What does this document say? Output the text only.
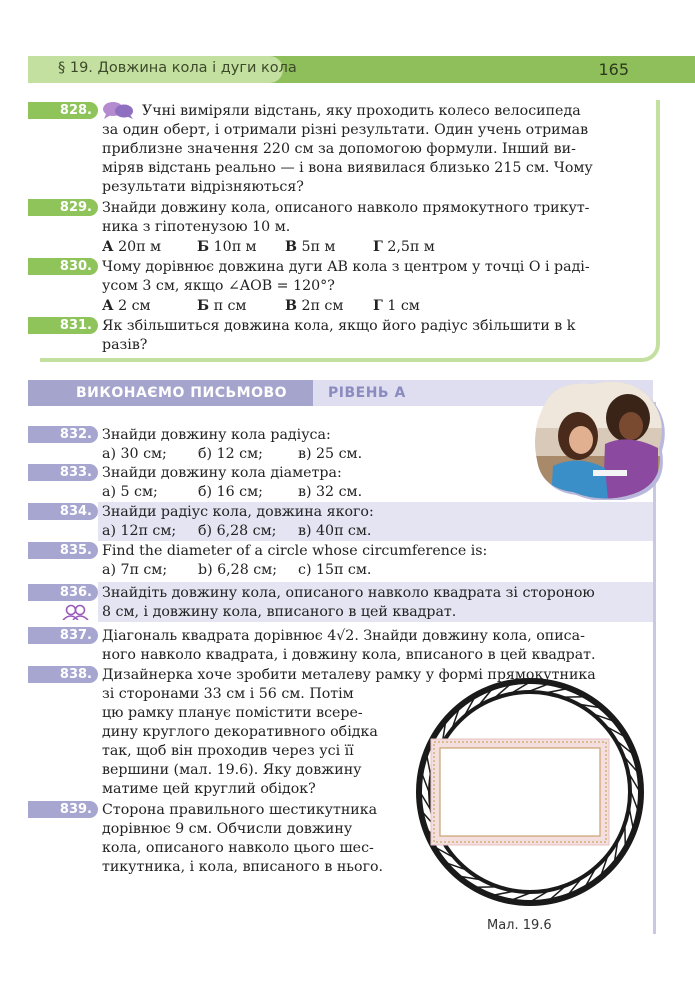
§ 19. Довжина кола і дуги кола	165
828.	Учні виміряли відстань, яку проходить колесо велосипеда
за один оберт, і отримали різні результати. Один учень отримав
приблизне значення 220 см за допомогою формули. Інший ви-
міряв відстань реально — і вона виявилася близько 215 см. Чому
результати відрізняються?
829. Знайди довжину кола, описаного навколо прямокутного трикут-
ника з гіпотенузою 10 м.
А 20π м	Б 10π м В 5π м	Г 2,5π м
830. Чому дорівнює довжина дуги AB кола з центром у точці O і раді-
усом 3 см, якщо ∠AOB = 120°?
А 2 см	Б π см	В 2π см Г 1 см
831. Як збільшиться довжина кола, якщо його радіус збільшити в k
разів?
ВИКОНАЄМО ПИСЬМОВО	РІВЕНЬ А
832. Знайди довжину кола радіуса:
а) 30 см; б) 12 см; в) 25 см.
833. Знайди довжину кола діаметра:
а) 5 см;	б) 16 см; в) 32 см.
834. Знайди радіус кола, довжина якого:
а) 12π см; б) 6,28 см; в) 40π см.
835. Find the diameter of a circle whose circumference is:
a) 7π см; b) 6,28 см; c) 15π см.
836. Знайдіть довжину кола, описаного навколо квадрата зі стороною
8 см, і довжину кола, вписаного в цей квадрат.
837. Діагональ квадрата дорівнює 4√2. Знайди довжину кола, описа-
ного навколо квадрата, і довжину кола, вписаного в цей квадрат.
838. Дизайнерка хоче зробити металеву рамку у формі прямокутника
зі сторонами 33 см і 56 см. Потім
цю рамку планує помістити всере-
дину круглого декоративного обідка
так, щоб він проходив через усі її
вершини (мал. 19.6). Яку довжину
матиме цей круглий обідок?
839. Сторона правильного шестикутника
дорівнює 9 см. Обчисли довжину
кола, описаного навколо цього шес-
тикутника, і кола, вписаного в нього.
Мал. 19.6
